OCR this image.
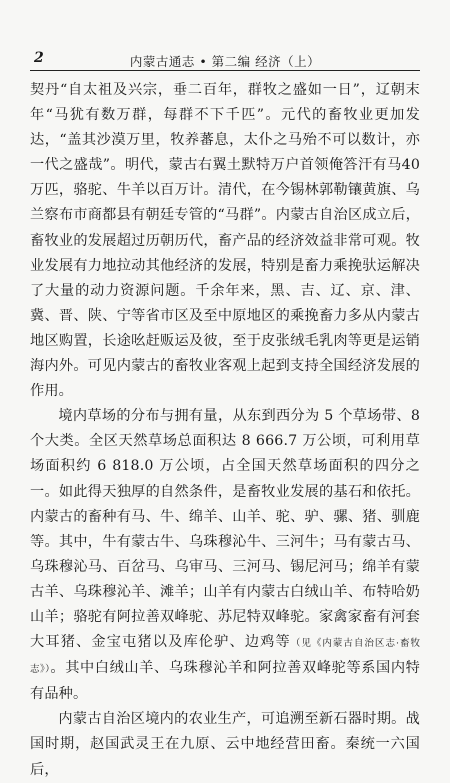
2	内蒙古通志 • 第二编 经济（上）

契丹“自太祖及兴宗，垂二百年，群牧之盛如一日”，辽朝末年“马犹有数万群，每群不下千匹”。元代的畜牧业更加发达，“盖其沙漠万里，牧养蕃息，太仆之马殆不可以数计，亦一代之盛哉”。明代，蒙古右翼土默特万户首领俺答汗有马40万匹，骆驼、牛羊以百万计。清代，在今锡林郭勒镶黄旗、乌兰察布市商都县有朝廷专管的“马群”。内蒙古自治区成立后，畜牧业的发展超过历朝历代，畜产品的经济效益非常可观。牧业发展有力地拉动其他经济的发展，特别是畜力乘挽驮运解决了大量的动力资源问题。千余年来，黑、吉、辽、京、津、冀、晋、陕、宁等省市区及至中原地区的乘挽畜力多从内蒙古地区购置，长途吆赶贩运及彼，至于皮张绒毛乳肉等更是运销海内外。可见内蒙古的畜牧业客观上起到支持全国经济发展的作用。

境内草场的分布与拥有量，从东到西分为 5 个草场带、8个大类。全区天然草场总面积达 8 666.7 万公顷，可利用草场面积约 6 818.0 万公顷，占全国天然草场面积的四分之一。如此得天独厚的自然条件，是畜牧业发展的基石和依托。内蒙古的畜种有马、牛、绵羊、山羊、驼、驴、骡、猪、驯鹿等。其中，牛有蒙古牛、乌珠穆沁牛、三河牛；马有蒙古马、乌珠穆沁马、百岔马、乌审马、三河马、锡尼河马；绵羊有蒙古羊、乌珠穆沁羊、滩羊；山羊有内蒙古白绒山羊、布特哈奶山羊；骆驼有阿拉善双峰驼、苏尼特双峰驼。家禽家畜有河套大耳猪、金宝屯猪以及库伦驴、边鸡等（见《内蒙古自治区志·畜牧志》）。其中白绒山羊、乌珠穆沁羊和阿拉善双峰驼等系国内特有品种。

内蒙古自治区境内的农业生产，可追溯至新石器时期。战国时期，赵国武灵王在九原、云中地经营田畜。秦统一六国后，
